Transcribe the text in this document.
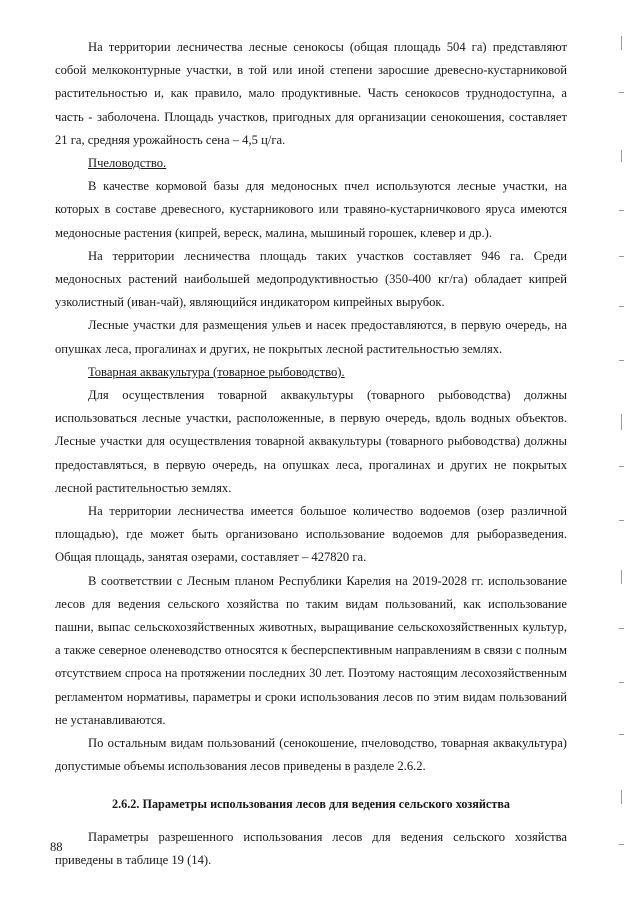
На территории лесничества лесные сенокосы (общая площадь 504 га) представляют собой мелкоконтурные участки, в той или иной степени заросшие древесно-кустарниковой растительностью и, как правило, мало продуктивные. Часть сенокосов труднодоступна, а часть - заболочена. Площадь участков, пригодных для организации сенокошения, составляет 21 га, средняя урожайность сена – 4,5 ц/га.

Пчеловодство.

В качестве кормовой базы для медоносных пчел используются лесные участки, на которых в составе древесного, кустарникового или травяно-кустарничкового яруса имеются медоносные растения (кипрей, вереск, малина, мышиный горошек, клевер и др.).

На территории лесничества площадь таких участков составляет 946 га. Среди медоносных растений наибольшей медопродуктивностью (350-400 кг/га) обладает кипрей узколистный (иван-чай), являющийся индикатором кипрейных вырубок.

Лесные участки для размещения ульев и насек предоставляются, в первую очередь, на опушках леса, прогалинах и других, не покрытых лесной растительностью землях.

Товарная аквакультура (товарное рыбоводство).

Для осуществления товарной аквакультуры (товарного рыбоводства) должны использоваться лесные участки, расположенные, в первую очередь, вдоль водных объектов. Лесные участки для осуществления товарной аквакультуры (товарного рыбоводства) должны предоставляться, в первую очередь, на опушках леса, прогалинах и других не покрытых лесной растительностью землях.

На территории лесничества имеется большое количество водоемов (озер различной площадью), где может быть организовано использование водоемов для рыборазведения. Общая площадь, занятая озерами, составляет – 427820 га.

В соответствии с Лесным планом Республики Карелия на 2019-2028 гг. использование лесов для ведения сельского хозяйства по таким видам пользований, как использование пашни, выпас сельскохозяйственных животных, выращивание сельскохозяйственных культур, а также северное оленеводство относятся к бесперспективным направлениям в связи с полным отсутствием спроса на протяжении последних 30 лет. Поэтому настоящим лесохозяйственным регламентом нормативы, параметры и сроки использования лесов по этим видам пользований не устанавливаются.

По остальным видам пользований (сенокошение, пчеловодство, товарная аквакультура) допустимые объемы использования лесов приведены в разделе 2.6.2.

2.6.2. Параметры использования лесов для ведения сельского хозяйства

Параметры разрешенного использования лесов для ведения сельского хозяйства приведены в таблице 19 (14).

88
